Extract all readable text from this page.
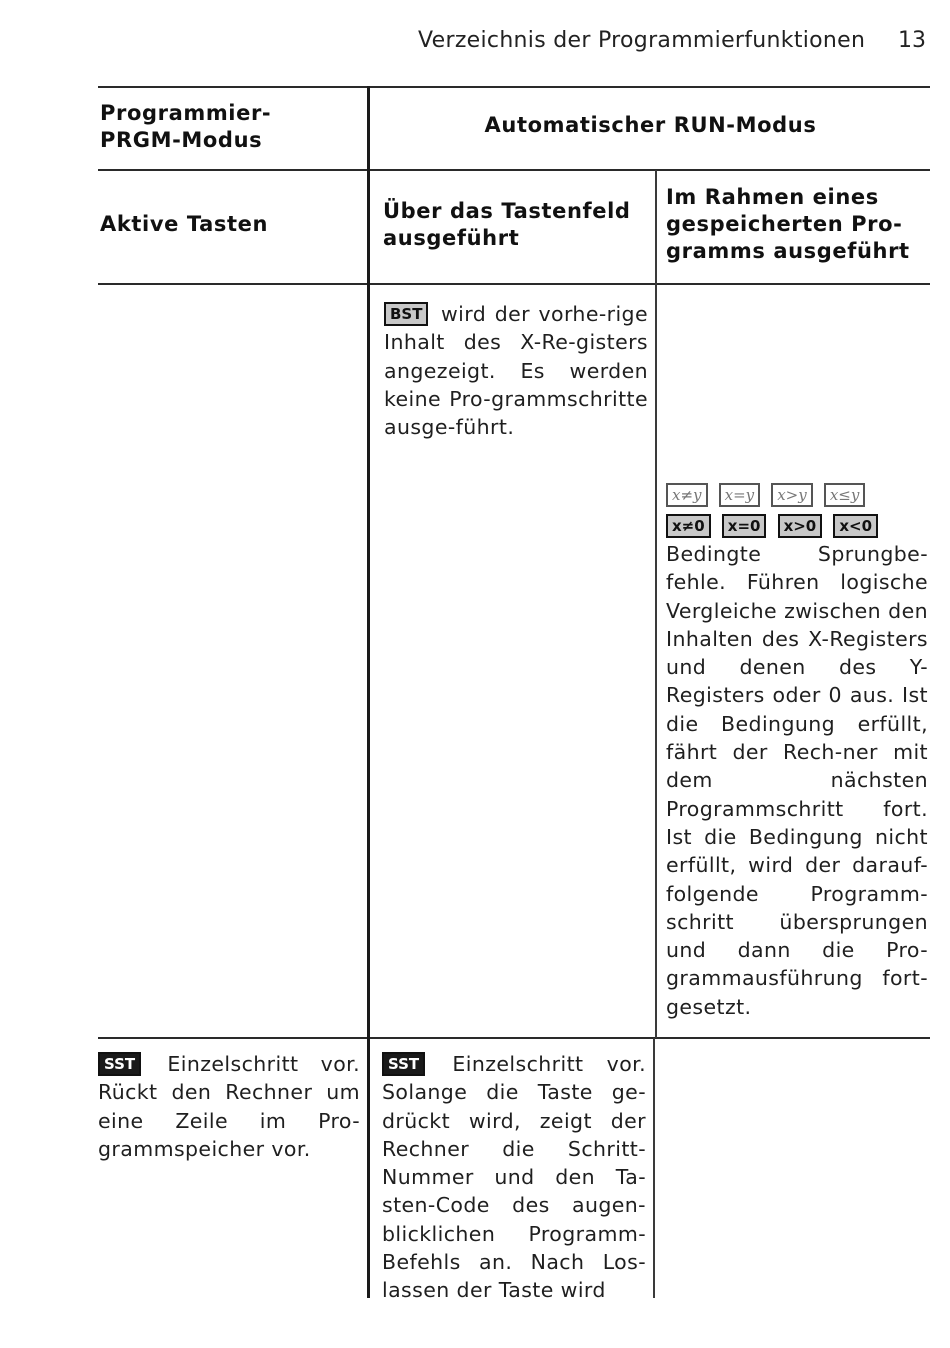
Verzeichnis der Programmierfunktionen 13
Programmier-
PRGM-Modus
Automatischer RUN-Modus
Aktive Tasten
Über das Tastenfeld ausgeführt
Im Rahmen eines gespeicherten Pro-gramms ausgeführt
BST wird der vorhe-rige Inhalt des X-Re-gisters angezeigt. Es werden keine Pro-grammschritte ausge-führt.
x≠y x=y x>y x≤y
x≠0 x=0 x>0 x<0
Bedingte Sprungbe-fehle. Führen logische Vergleiche zwischen den Inhalten des X-Registers und denen des Y-Registers oder 0 aus. Ist die Bedingung erfüllt, fährt der Rech-ner mit dem nächsten Programmschritt fort. Ist die Bedingung nicht erfüllt, wird der darauf-folgende Programm-schritt übersprungen und dann die Pro-grammausführung fort-gesetzt.
SST Einzelschritt vor. Rückt den Rechner um eine Zeile im Pro-grammspeicher vor.
SST Einzelschritt vor. Solange die Taste ge-drückt wird, zeigt der Rechner die Schritt-Nummer und den Ta-sten-Code des augen-blicklichen Programm-Befehls an. Nach Los-lassen der Taste wird
